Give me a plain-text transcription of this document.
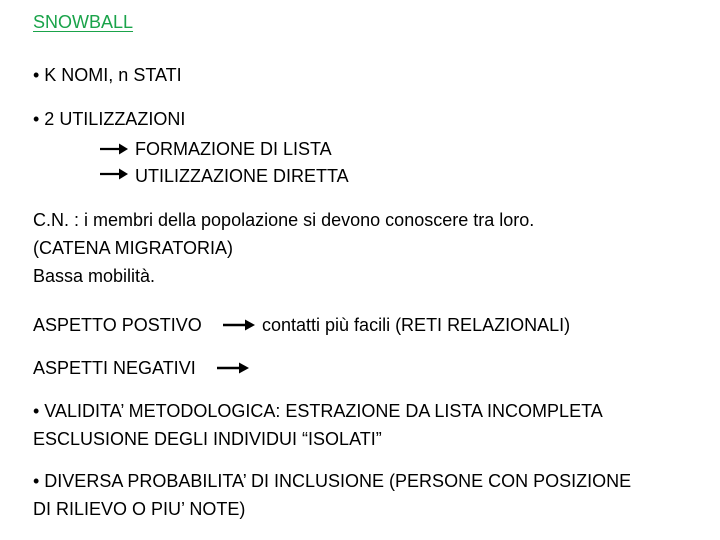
SNOWBALL
• K NOMI, n STATI
• 2 UTILIZZAZIONI
FORMAZIONE DI LISTA
UTILIZZAZIONE DIRETTA
C.N. : i membri della popolazione si devono conoscere tra loro.
(CATENA MIGRATORIA)
Bassa mobilità.
ASPETTO POSTIVO	contatti più facili (RETI RELAZIONALI)
ASPETTI NEGATIVI
• VALIDITA’ METODOLOGICA: ESTRAZIONE DA LISTA INCOMPLETA
ESCLUSIONE DEGLI INDIVIDUI “ISOLATI”
• DIVERSA PROBABILITA’ DI INCLUSIONE (PERSONE CON POSIZIONE
DI RILIEVO O PIU’ NOTE)
